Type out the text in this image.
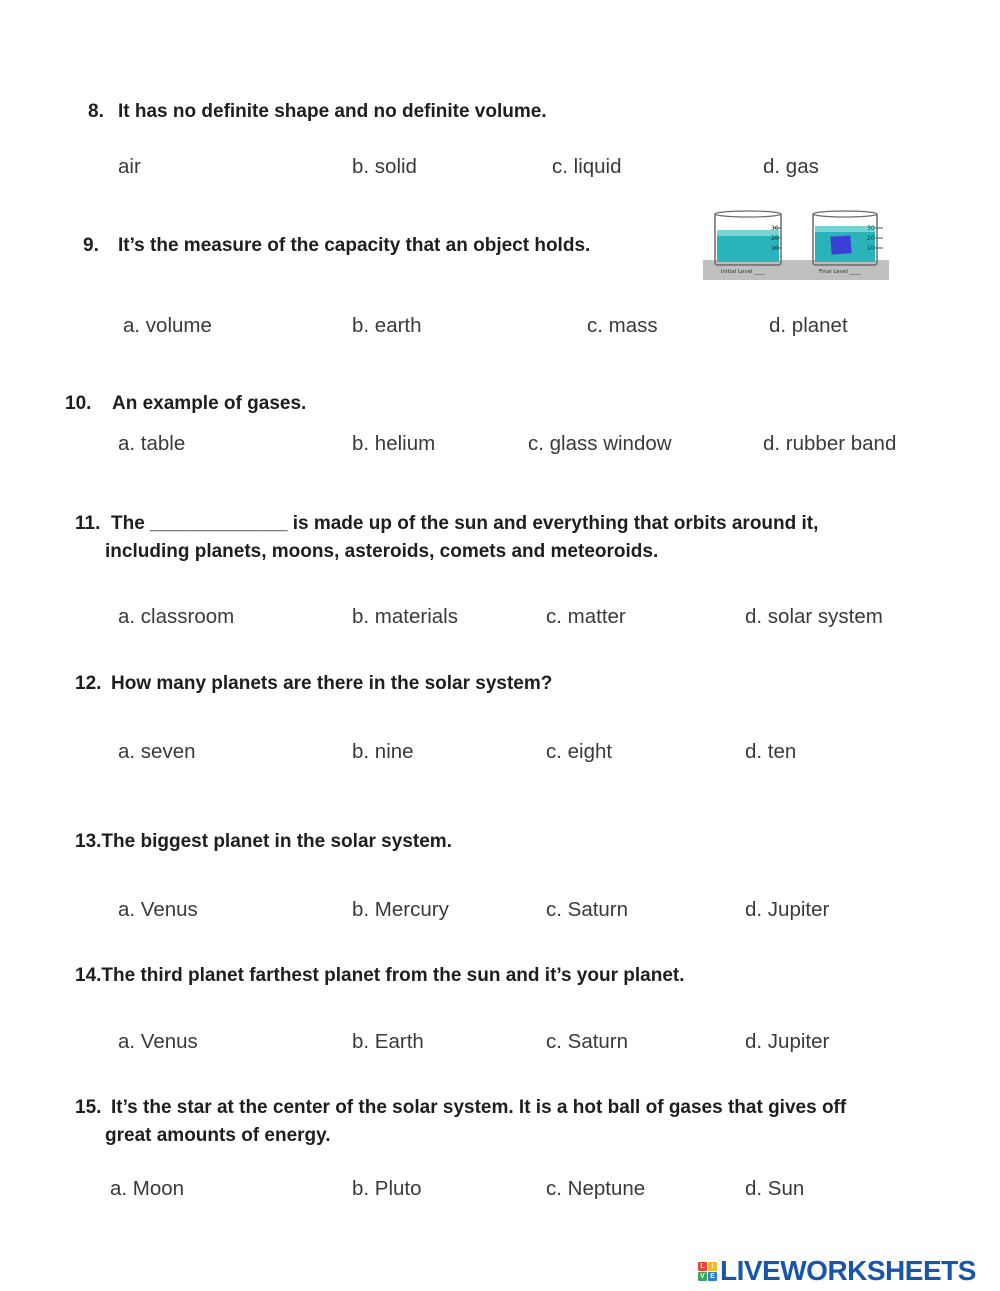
8. It has no definite shape and no definite volume.
air	b. solid	c. liquid	d. gas
9. It’s the measure of the capacity that an object holds.
30
20
10
30
20
10
Initial Level ____	Final Level ____
a. volume	b. earth	c. mass	d. planet
10. An example of gases.
a. table	b. helium	c. glass window	d. rubber band
11. The _____________ is made up of the sun and everything that orbits around it,
including planets, moons, asteroids, comets and meteoroids.
a. classroom	b. materials	c. matter	d. solar system
12. How many planets are there in the solar system?
a. seven	b. nine	c. eight	d. ten
13.The biggest planet in the solar system.
a. Venus	b. Mercury	c. Saturn	d. Jupiter
14.The third planet farthest planet from the sun and it’s your planet.
a. Venus	b. Earth	c. Saturn	d. Jupiter
15. It’s the star at the center of the solar system. It is a hot ball of gases that gives off
great amounts of energy.
a. Moon	b. Pluto	c. Neptune	d. Sun
L I
V E LIVEWORKSHEETS
